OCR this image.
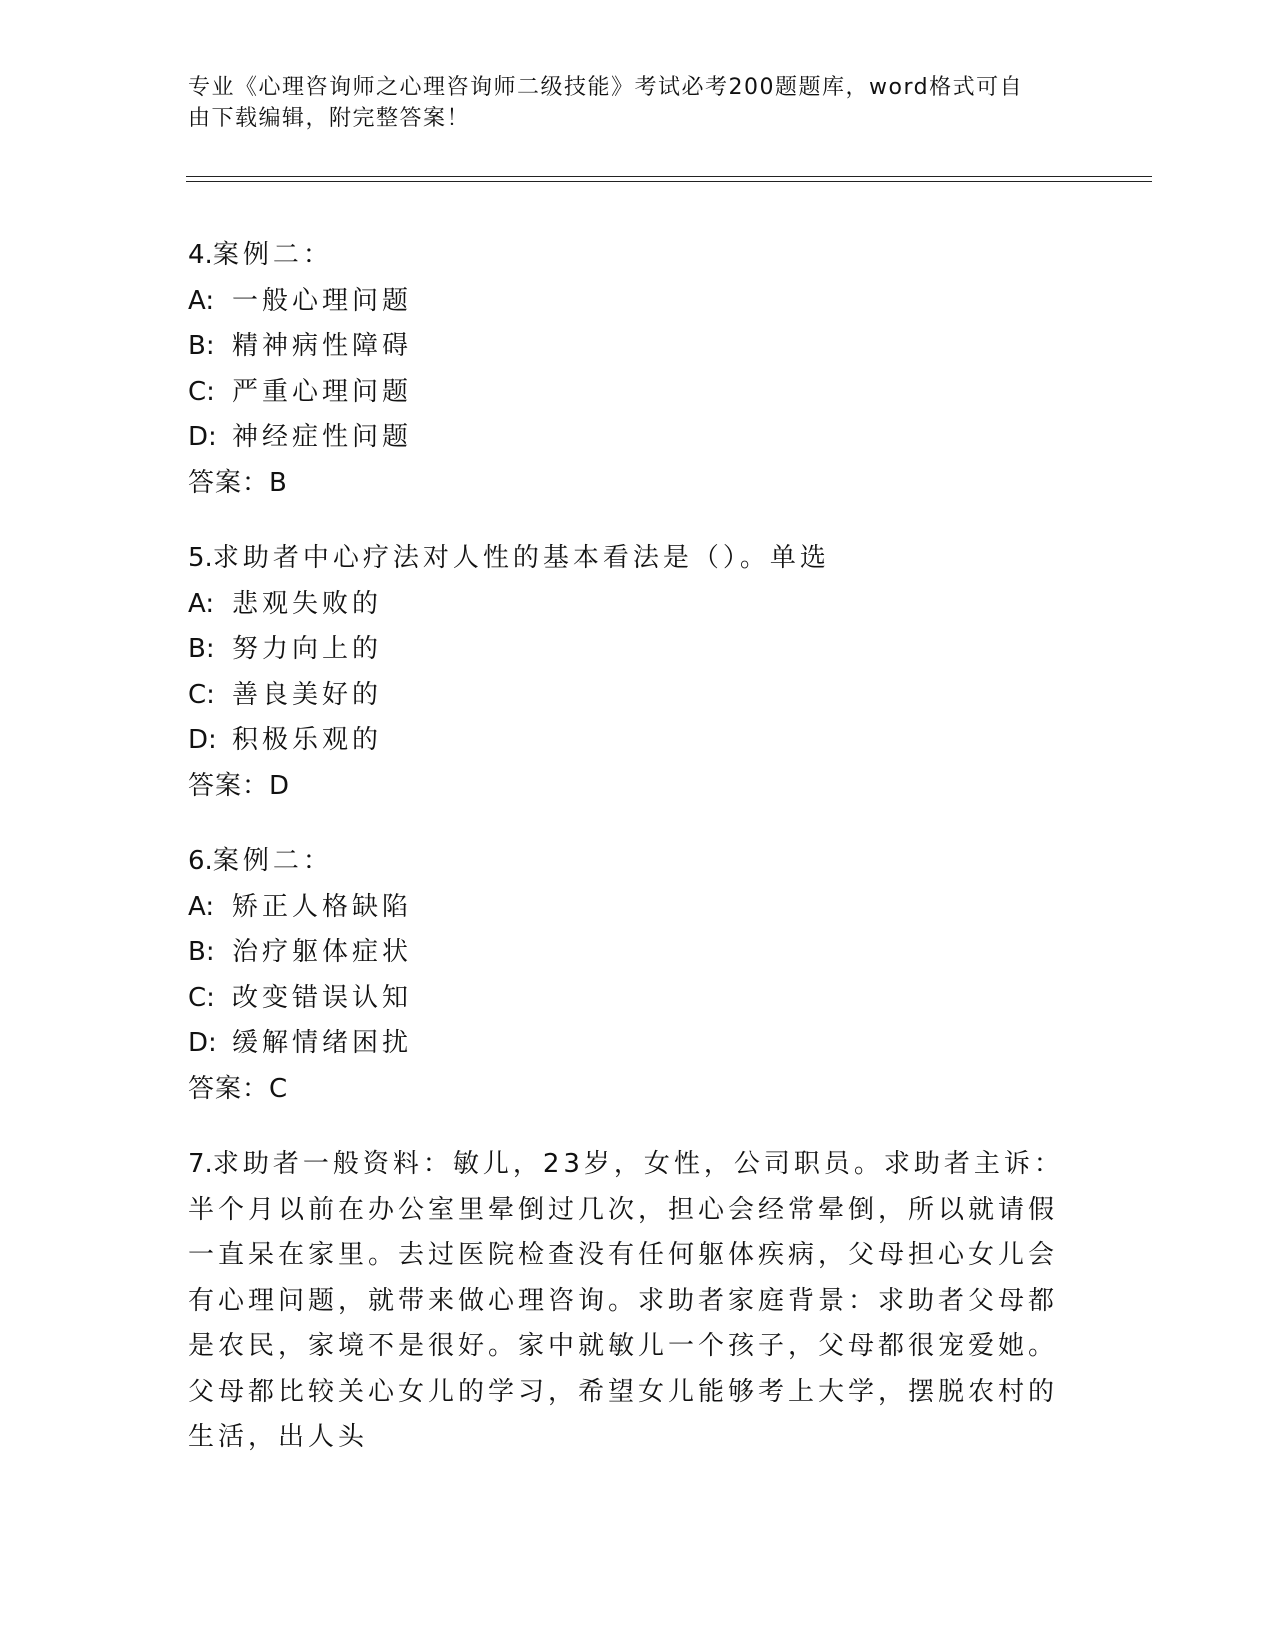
专业《心理咨询师之心理咨询师二级技能》考试必考200题题库，word格式可自
由下载编辑，附完整答案！
4.案例二：
A: 一般心理问题
B: 精神病性障碍
C: 严重心理问题
D: 神经症性问题
答案：B
5.求助者中心疗法对人性的基本看法是（）。单选
A: 悲观失败的
B: 努力向上的
C: 善良美好的
D: 积极乐观的
答案：D
6.案例二：
A: 矫正人格缺陷
B: 治疗躯体症状
C: 改变错误认知
D: 缓解情绪困扰
答案：C
7.求助者一般资料：敏儿，23岁，女性，公司职员。求助者主诉：半个月以前在办公室里晕倒过几次，担心会经常晕倒，所以就请假一直呆在家里。去过医院检查没有任何躯体疾病，父母担心女儿会有心理问题，就带来做心理咨询。求助者家庭背景：求助者父母都是农民，家境不是很好。家中就敏儿一个孩子，父母都很宠爱她。父母都比较关心女儿的学习，希望女儿能够考上大学，摆脱农村的生活，出人头
